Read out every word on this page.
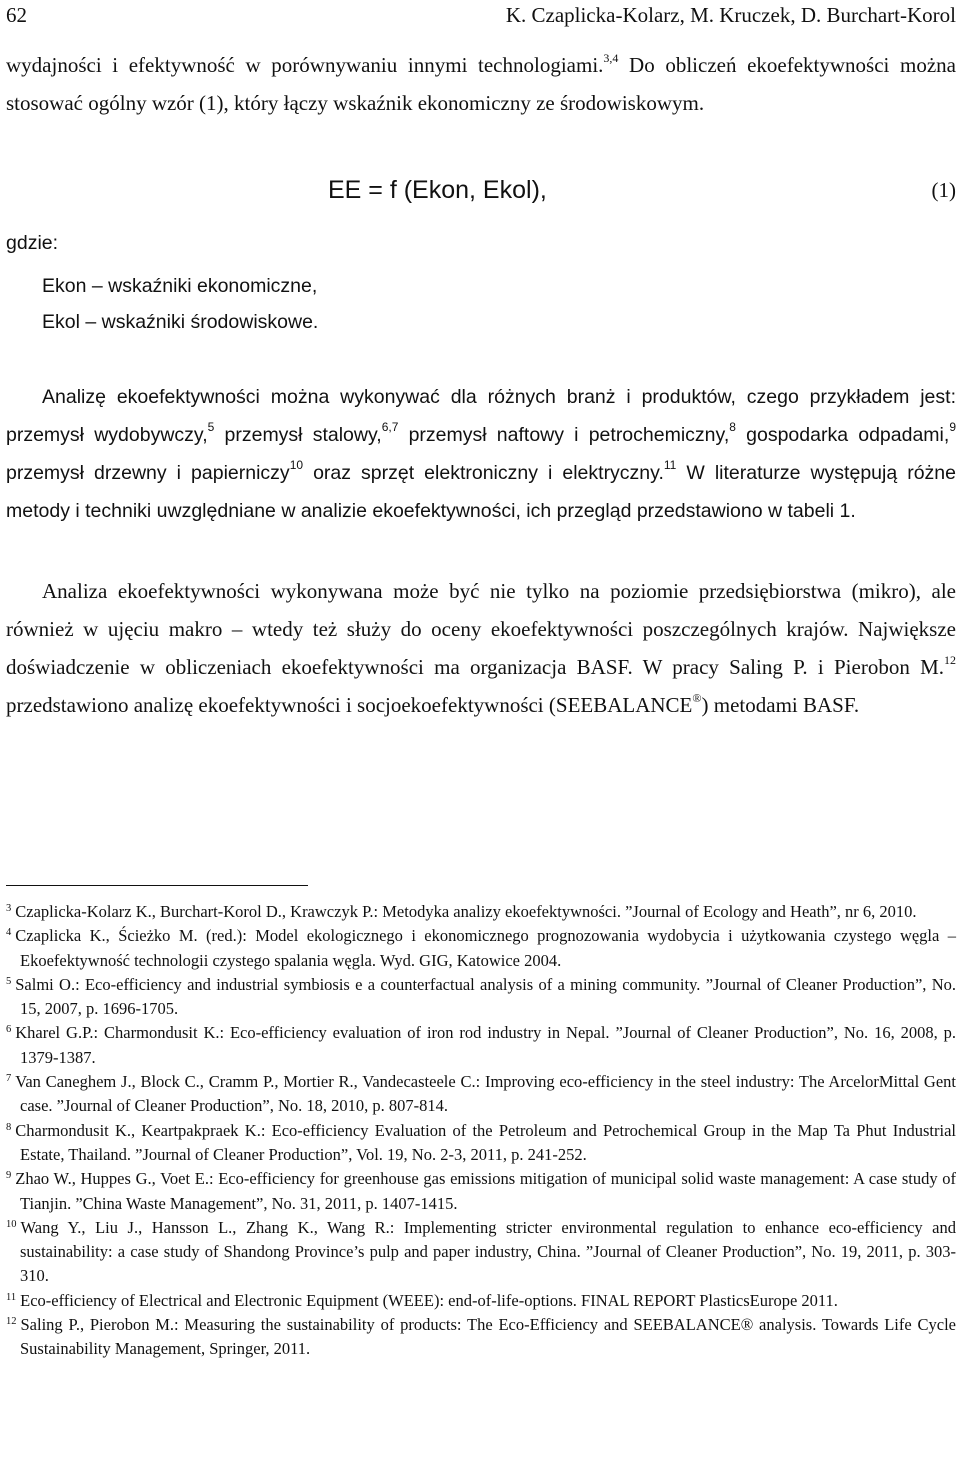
62	K. Czaplicka-Kolarz, M. Kruczek, D. Burchart-Korol
wydajności i efektywność w porównywaniu innymi technologiami.$^{3,4}$ Do obliczeń ekoefektywności można stosować ogólny wzór (1), który łączy wskaźnik ekonomiczny ze środowiskowym.
EE = f (Ekon, Ekol),	(1)
gdzie:
Ekon – wskaźniki ekonomiczne,
Ekol – wskaźniki środowiskowe.
Analizę ekoefektywności można wykonywać dla różnych branż i produktów, czego przykładem jest: przemysł wydobywczy,$^5$ przemysł stalowy,$^{6,7}$ przemysł naftowy i petrochemiczny,$^8$ gospodarka odpadami,$^9$ przemysł drzewny i papierniczy$^{10}$ oraz sprzęt elektroniczny i elektryczny.$^{11}$ W literaturze występują różne metody i techniki uwzględniane w analizie ekoefektywności, ich przegląd przedstawiono w tabeli 1.
Analiza ekoefektywności wykonywana może być nie tylko na poziomie przedsiębiorstwa (mikro), ale również w ujęciu makro – wtedy też służy do oceny ekoefektywności poszczególnych krajów. Największe doświadczenie w obliczeniach ekoefektywności ma organizacja BASF. W pracy Saling P. i Pierobon M.$^{12}$ przedstawiono analizę ekoefektywności i socjoekoefektywności (SEEBALANCE®) metodami BASF.
$^3$ Czaplicka-Kolarz K., Burchart-Korol D., Krawczyk P.: Metodyka analizy ekoefektywności. ”Journal of Ecology and Heath”, nr 6, 2010.
$^4$ Czaplicka K., Ścieżko M. (red.): Model ekologicznego i ekonomicznego prognozowania wydobycia i użytkowania czystego węgla – Ekoefektywność technologii czystego spalania węgla. Wyd. GIG, Katowice 2004.
$^5$ Salmi O.: Eco-efficiency and industrial symbiosis e a counterfactual analysis of a mining community. ”Journal of Cleaner Production”, No. 15, 2007, p. 1696-1705.
$^6$ Kharel G.P.: Charmondusit K.: Eco-efficiency evaluation of iron rod industry in Nepal. ”Journal of Cleaner Production”, No. 16, 2008, p. 1379-1387.
$^7$ Van Caneghem J., Block C., Cramm P., Mortier R., Vandecasteele C.: Improving eco-efficiency in the steel industry: The ArcelorMittal Gent case. ”Journal of Cleaner Production”, No. 18, 2010, p. 807-814.
$^8$ Charmondusit K., Keartpakpraek K.: Eco-efficiency Evaluation of the Petroleum and Petrochemical Group in the Map Ta Phut Industrial Estate, Thailand. ”Journal of Cleaner Production”, Vol. 19, No. 2-3, 2011, p. 241-252.
$^9$ Zhao W., Huppes G., Voet E.: Eco-efficiency for greenhouse gas emissions mitigation of municipal solid waste management: A case study of Tianjin. ”China Waste Management”, No. 31, 2011, p. 1407-1415.
$^{10}$ Wang Y., Liu J., Hansson L., Zhang K., Wang R.: Implementing stricter environmental regulation to enhance eco-efficiency and sustainability: a case study of Shandong Province’s pulp and paper industry, China. ”Journal of Cleaner Production”, No. 19, 2011, p. 303-310.
$^{11}$ Eco-efficiency of Electrical and Electronic Equipment (WEEE): end-of-life-options. FINAL REPORT PlasticsEurope 2011.
$^{12}$ Saling P., Pierobon M.: Measuring the sustainability of products: The Eco-Efficiency and SEEBALANCE® analysis. Towards Life Cycle Sustainability Management, Springer, 2011.
